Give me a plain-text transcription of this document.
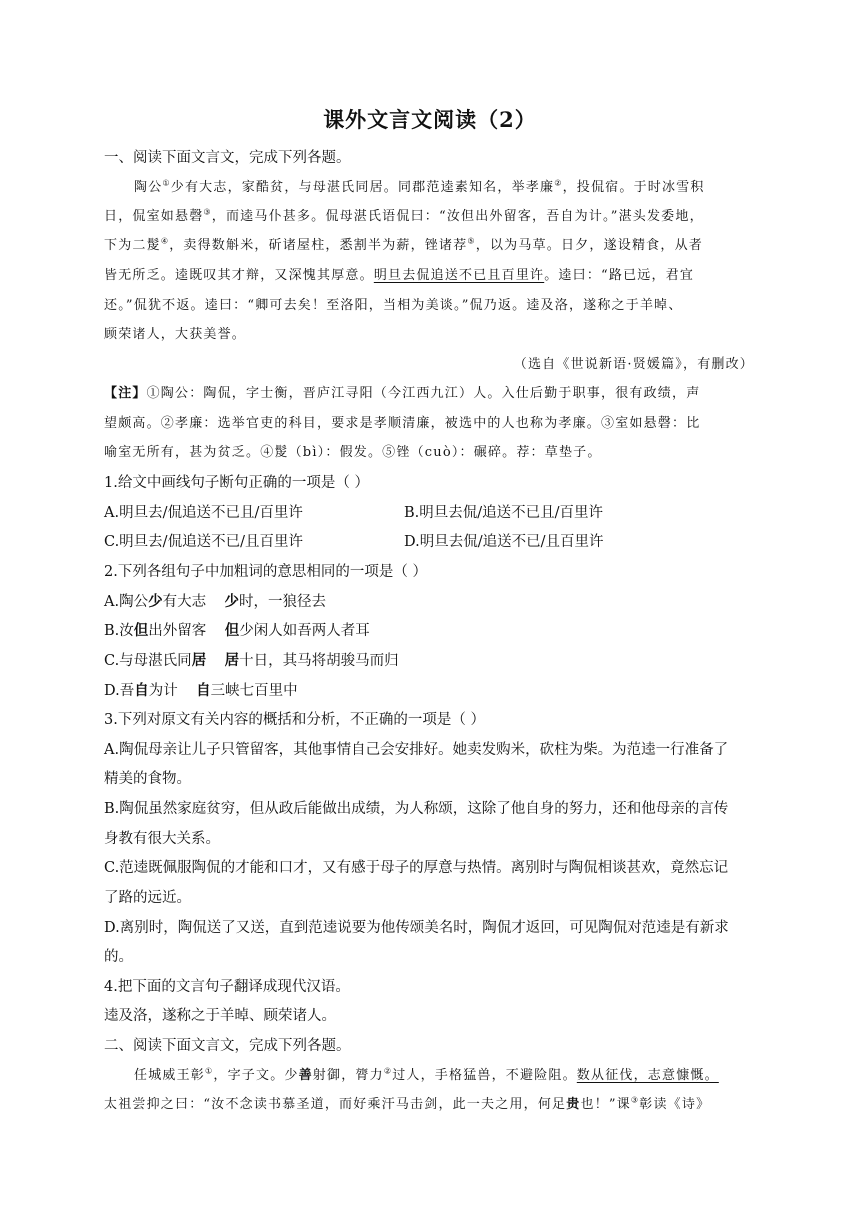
课外文言文阅读（2）
一、阅读下面文言文，完成下列各题。
陶公①少有大志，家酷贫，与母湛氏同居。同郡范逵素知名，举孝廉②，投侃宿。于时冰雪积
日，侃室如悬磬③，而逵马仆甚多。侃母湛氏语侃曰：“汝但出外留客，吾自为计。”湛头发委地，
下为二髲④，卖得数斛米，斫诸屋柱，悉割半为薪，锉诸荐⑤，以为马草。日夕，遂设精食，从者
皆无所乏。逵既叹其才辩，又深愧其厚意。明旦去侃追送不已且百里许。逵曰：“路已远，君宜
还。”侃犹不返。逵曰：“卿可去矣！至洛阳，当相为美谈。”侃乃返。逵及洛，遂称之于羊晫、
顾荣诸人，大获美誉。
（选自《世说新语·贤媛篇》，有删改）
【注】①陶公：陶侃，字士衡，晋庐江寻阳（今江西九江）人。入仕后勤于职事，很有政绩，声
望颇高。②孝廉：选举官吏的科目，要求是孝顺清廉，被选中的人也称为孝廉。③室如悬磬：比
喻室无所有，甚为贫乏。④髲（bì）：假发。⑤锉（cuò）：碾碎。荐：草垫子。
1.给文中画线句子断句正确的一项是（ ）
A.明旦去/侃追送不已且/百里许	B.明旦去侃/追送不已且/百里许
C.明旦去/侃追送不已/且百里许	D.明旦去侃/追送不已/且百里许
2.下列各组句子中加粗词的意思相同的一项是（ ）
A.陶公少有大志 少时，一狼径去
B.汝但出外留客 但少闲人如吾两人者耳
C.与母湛氏同居 居十日，其马将胡骏马而归
D.吾自为计 自三峡七百里中
3.下列对原文有关内容的概括和分析，不正确的一项是（ ）
A.陶侃母亲让儿子只管留客，其他事情自己会安排好。她卖发购米，砍柱为柴。为范逵一行准备了
精美的食物。
B.陶侃虽然家庭贫穷，但从政后能做出成绩，为人称颂，这除了他自身的努力，还和他母亲的言传
身教有很大关系。
C.范逵既佩服陶侃的才能和口才，又有感于母子的厚意与热情。离别时与陶侃相谈甚欢，竟然忘记
了路的远近。
D.离别时，陶侃送了又送，直到范逵说要为他传颂美名时，陶侃才返回，可见陶侃对范逵是有新求
的。
4.把下面的文言句子翻译成现代汉语。
逵及洛，遂称之于羊晫、顾荣诸人。
二、阅读下面文言文，完成下列各题。
任城威王彰①，字子文。少善射御，膂力②过人，手格猛兽，不避险阻。数从征伐，志意慷慨。
太祖尝抑之曰：“汝不念读书慕圣道，而好乘汗马击剑，此一夫之用，何足贵也！”课③彰读《诗》
